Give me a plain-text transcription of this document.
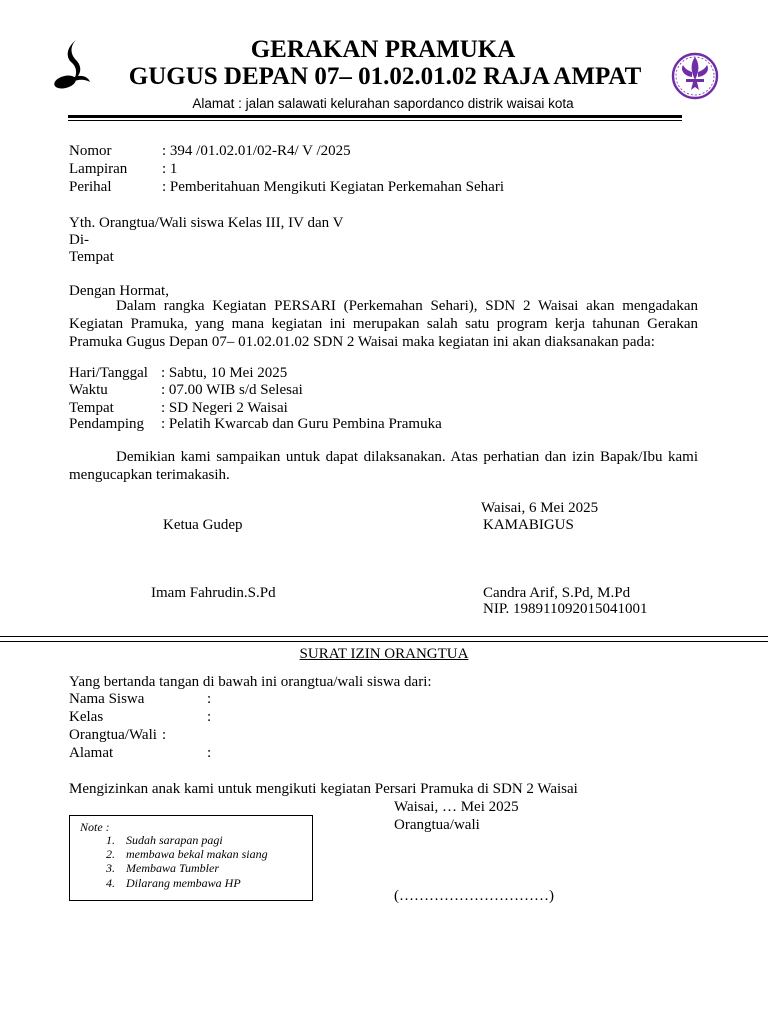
GERAKAN PRAMUKA
GUGUS DEPAN 07– 01.02.01.02 RAJA AMPAT
Alamat : jalan salawati kelurahan sapordanco distrik waisai kota
Nomor	: 394 /01.02.01/02-R4/ V /2025
Lampiran : 1
Perihal	: Pemberitahuan Mengikuti Kegiatan Perkemahan Sehari
Yth. Orangtua/Wali siswa Kelas III, IV dan V
Di-
Tempat
Dengan Hormat,
Dalam rangka Kegiatan PERSARI (Perkemahan Sehari), SDN 2 Waisai akan mengadakan Kegiatan Pramuka, yang mana kegiatan ini merupakan salah satu program kerja tahunan Gerakan Pramuka Gugus Depan 07– 01.02.01.02 SDN 2 Waisai maka kegiatan ini akan diaksanakan pada:
Hari/Tanggal : Sabtu, 10 Mei 2025
Waktu	: 07.00 WIB s/d Selesai
Tempat	: SD Negeri 2 Waisai
Pendamping : Pelatih Kwarcab dan Guru Pembina Pramuka
Demikian kami sampaikan untuk dapat dilaksanakan. Atas perhatian dan izin Bapak/Ibu kami mengucapkan terimakasih.
Waisai, 6 Mei 2025
Ketua Gudep	KAMABIGUS
Imam Fahrudin.S.Pd	Candra Arif, S.Pd, M.Pd
NIP. 198911092015041001
SURAT IZIN ORANGTUA
Yang bertanda tangan di bawah ini orangtua/wali siswa dari:
Nama Siswa	:
Kelas	:
Orangtua/Wali :
Alamat	:
Mengizinkan anak kami untuk mengikuti kegiatan Persari Pramuka di SDN 2 Waisai
Waisai, … Mei 2025
Orangtua/wali
(…………………………)
Note :
1. Sudah sarapan pagi
2. membawa bekal makan siang
3. Membawa Tumbler
4. Dilarang membawa HP
